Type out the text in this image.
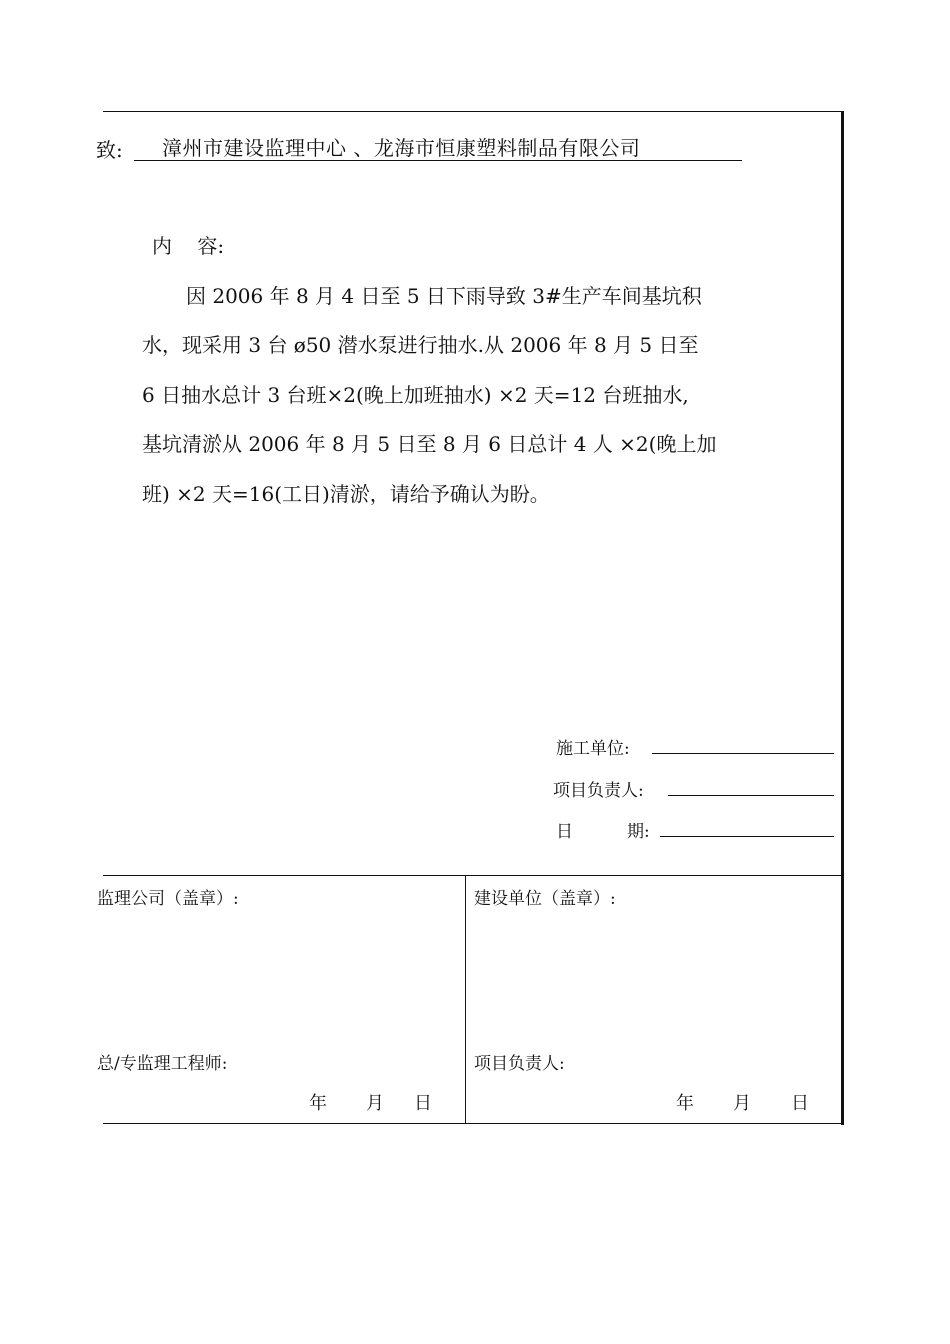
致: 漳州市建设监理中心 、龙海市恒康塑料制品有限公司
内    容:
因 2006 年 8 月 4 日至 5 日下雨导致 3#生产车间基坑积
水，现采用 3 台 ø50 潜水泵进行抽水.从 2006 年 8 月 5 日至
6 日抽水总计 3 台班×2(晚上加班抽水) ×2 天=12 台班抽水,
基坑清淤从 2006 年 8 月 5 日至 8 月 6 日总计 4 人 ×2(晚上加
班) ×2 天=16(工日)清淤，请给予确认为盼。
施工单位:
项目负责人:
日          期:
监理公司（盖章）:
总/专监理工程师:
年 月 日
建设单位（盖章）:
项目负责人:
年 月 日
